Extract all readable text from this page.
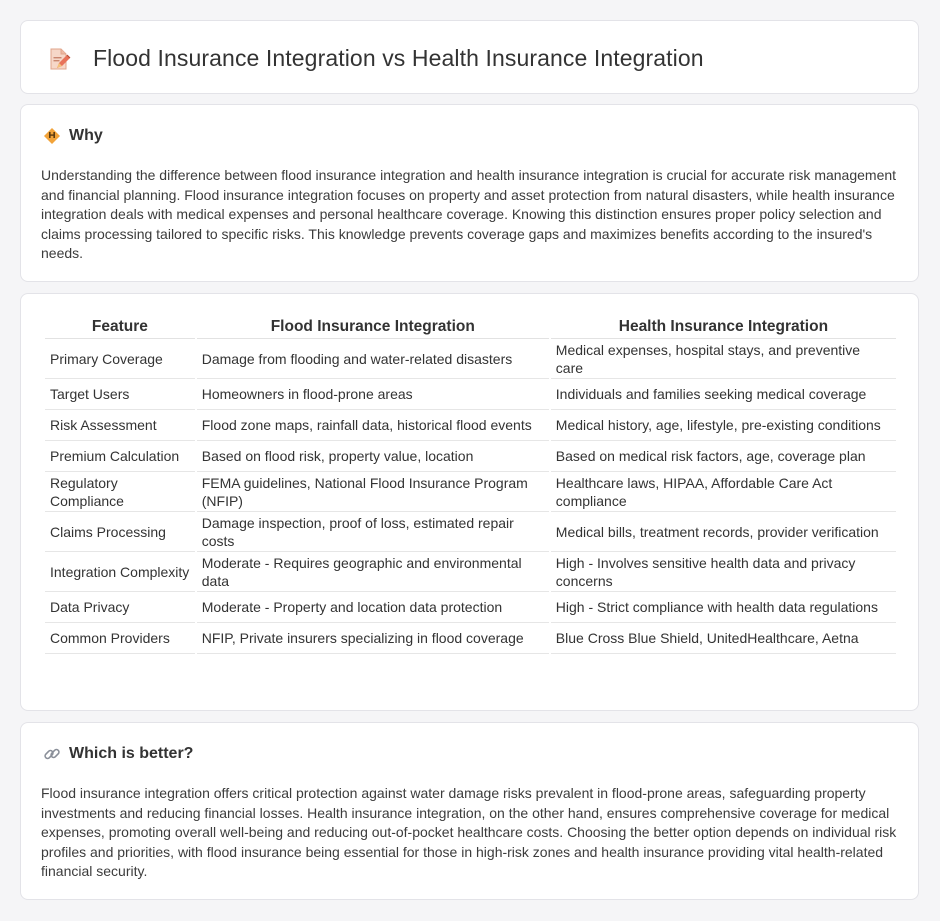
Flood Insurance Integration vs Health Insurance Integration
Why

Understanding the difference between flood insurance integration and health insurance integration is crucial for accurate risk management and financial planning. Flood insurance integration focuses on property and asset protection from natural disasters, while health insurance integration deals with medical expenses and personal healthcare coverage. Knowing this distinction ensures proper policy selection and claims processing tailored to specific risks. This knowledge prevents coverage gaps and maximizes benefits according to the insured's needs.

Feature	Flood Insurance Integration	Health Insurance Integration
Primary Coverage	Damage from flooding and water-related disasters	Medical expenses, hospital stays, and preventive care
Target Users	Homeowners in flood-prone areas	Individuals and families seeking medical coverage
Risk Assessment	Flood zone maps, rainfall data, historical flood events	Medical history, age, lifestyle, pre-existing conditions
Premium Calculation	Based on flood risk, property value, location	Based on medical risk factors, age, coverage plan
Regulatory Compliance	FEMA guidelines, National Flood Insurance Program (NFIP)	Healthcare laws, HIPAA, Affordable Care Act compliance
Claims Processing	Damage inspection, proof of loss, estimated repair costs	Medical bills, treatment records, provider verification
Integration Complexity	Moderate - Requires geographic and environmental data	High - Involves sensitive health data and privacy concerns
Data Privacy	Moderate - Property and location data protection	High - Strict compliance with health data regulations
Common Providers	NFIP, Private insurers specializing in flood coverage	Blue Cross Blue Shield, UnitedHealthcare, Aetna
Which is better?

Flood insurance integration offers critical protection against water damage risks prevalent in flood-prone areas, safeguarding property investments and reducing financial losses. Health insurance integration, on the other hand, ensures comprehensive coverage for medical expenses, promoting overall well-being and reducing out-of-pocket healthcare costs. Choosing the better option depends on individual risk profiles and priorities, with flood insurance being essential for those in high-risk zones and health insurance providing vital health-related financial security.
